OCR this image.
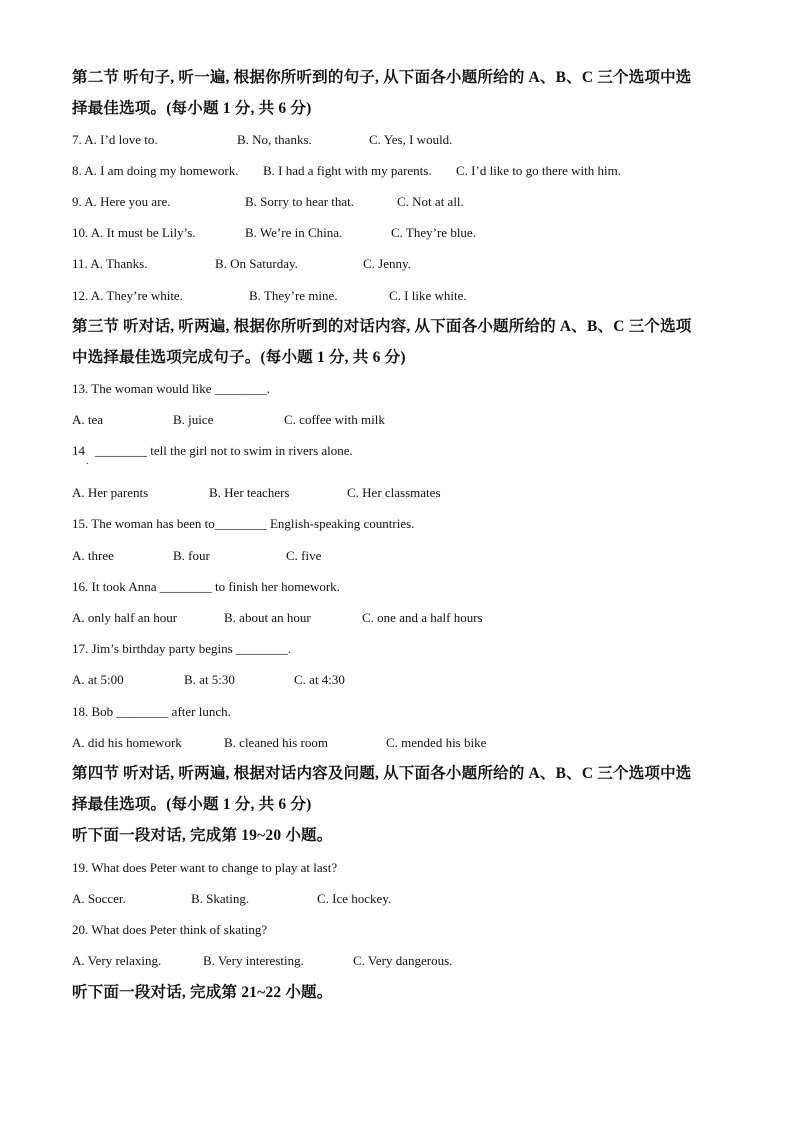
第二节 听句子, 听一遍, 根据你所听到的句子, 从下面各小题所给的 A、B、C 三个选项中选
择最佳选项。(每小题 1 分, 共 6 分)
7. A. I’d love to.	B. No, thanks.	C. Yes, I would.
8. A. I am doing my homework. B. I had a fight with my parents. C. I’d like to go there with him.
9. A. Here you are.	B. Sorry to hear that.	C. Not at all.
10. A. It must be Lily’s.	B. We’re in China.	C. They’re blue.
11. A. Thanks.	B. On Saturday.	C. Jenny.
12. A. They’re white.	B. They’re mine.	C. I like white.
第三节 听对话, 听两遍, 根据你所听到的对话内容, 从下面各小题所给的 A、B、C 三个选项
中选择最佳选项完成句子。(每小题 1 分, 共 6 分)
13. The woman would like ________.
A. tea	B. juice	C. coffee with milk
14 ________ tell the girl not to swim in rivers alone.
.
A. Her parents	B. Her teachers	C. Her classmates
15. The woman has been to________ English-speaking countries.
A. three	B. four	C. five
16. It took Anna ________ to finish her homework.
A. only half an hour	B. about an hour	C. one and a half hours
17. Jim’s birthday party begins ________.
A. at 5:00	B. at 5:30	C. at 4:30
18. Bob ________ after lunch.
A. did his homework	B. cleaned his room	C. mended his bike
第四节 听对话, 听两遍, 根据对话内容及问题, 从下面各小题所给的 A、B、C 三个选项中选
择最佳选项。(每小题 1 分, 共 6 分)
听下面一段对话, 完成第 19~20 小题。
19. What does Peter want to change to play at last?
A. Soccer.	B. Skating.	C. Ice hockey.
20. What does Peter think of skating?
A. Very relaxing.	B. Very interesting.	C. Very dangerous.
听下面一段对话, 完成第 21~22 小题。
